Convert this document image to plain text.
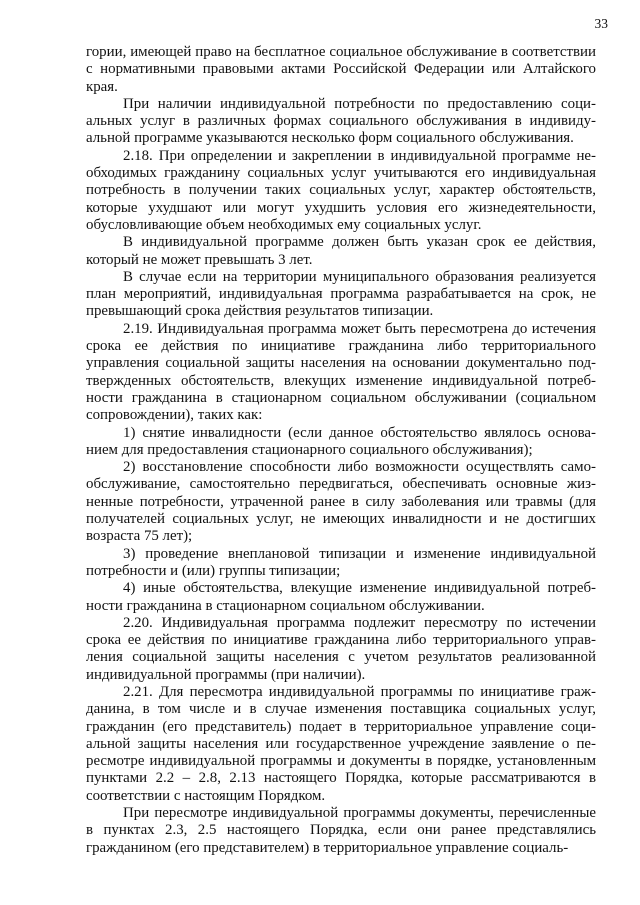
33

гории, имеющей право на бесплатное социальное обслуживание в соответствии с нормативными правовыми актами Российской Федерации или Алтайского края.

При наличии индивидуальной потребности по предоставлению социальных услуг в различных формах социального обслуживания в индивидуальной программе указываются несколько форм социального обслуживания.

2.18. При определении и закреплении в индивидуальной программе необходимых гражданину социальных услуг учитываются его индивидуальная потребность в получении таких социальных услуг, характер обстоятельств, которые ухудшают или могут ухудшить условия его жизнедеятельности, обусловливающие объем необходимых ему социальных услуг.

В индивидуальной программе должен быть указан срок ее действия, который не может превышать 3 лет.

В случае если на территории муниципального образования реализуется план мероприятий, индивидуальная программа разрабатывается на срок, не превышающий срока действия результатов типизации.

2.19. Индивидуальная программа может быть пересмотрена до истечения срока ее действия по инициативе гражданина либо территориального управления социальной защиты населения на основании документально подтвержденных обстоятельств, влекущих изменение индивидуальной потребности гражданина в стационарном социальном обслуживании (социальном сопровождении), таких как:

1) снятие инвалидности (если данное обстоятельство являлось основанием для предоставления стационарного социального обслуживания);

2) восстановление способности либо возможности осуществлять самообслуживание, самостоятельно передвигаться, обеспечивать основные жизненные потребности, утраченной ранее в силу заболевания или травмы (для получателей социальных услуг, не имеющих инвалидности и не достигших возраста 75 лет);

3) проведение внеплановой типизации и изменение индивидуальной потребности и (или) группы типизации;

4) иные обстоятельства, влекущие изменение индивидуальной потребности гражданина в стационарном социальном обслуживании.

2.20. Индивидуальная программа подлежит пересмотру по истечении срока ее действия по инициативе гражданина либо территориального управления социальной защиты населения с учетом результатов реализованной индивидуальной программы (при наличии).

2.21. Для пересмотра индивидуальной программы по инициативе гражданина, в том числе и в случае изменения поставщика социальных услуг, гражданин (его представитель) подает в территориальное управление социальной защиты населения или государственное учреждение заявление о пересмотре индивидуальной программы и документы в порядке, установленным пунктами 2.2 – 2.8, 2.13 настоящего Порядка, которые рассматриваются в соответствии с настоящим Порядком.

При пересмотре индивидуальной программы документы, перечисленные в пунктах 2.3, 2.5 настоящего Порядка, если они ранее представлялись гражданином (его представителем) в территориальное управление социаль-
